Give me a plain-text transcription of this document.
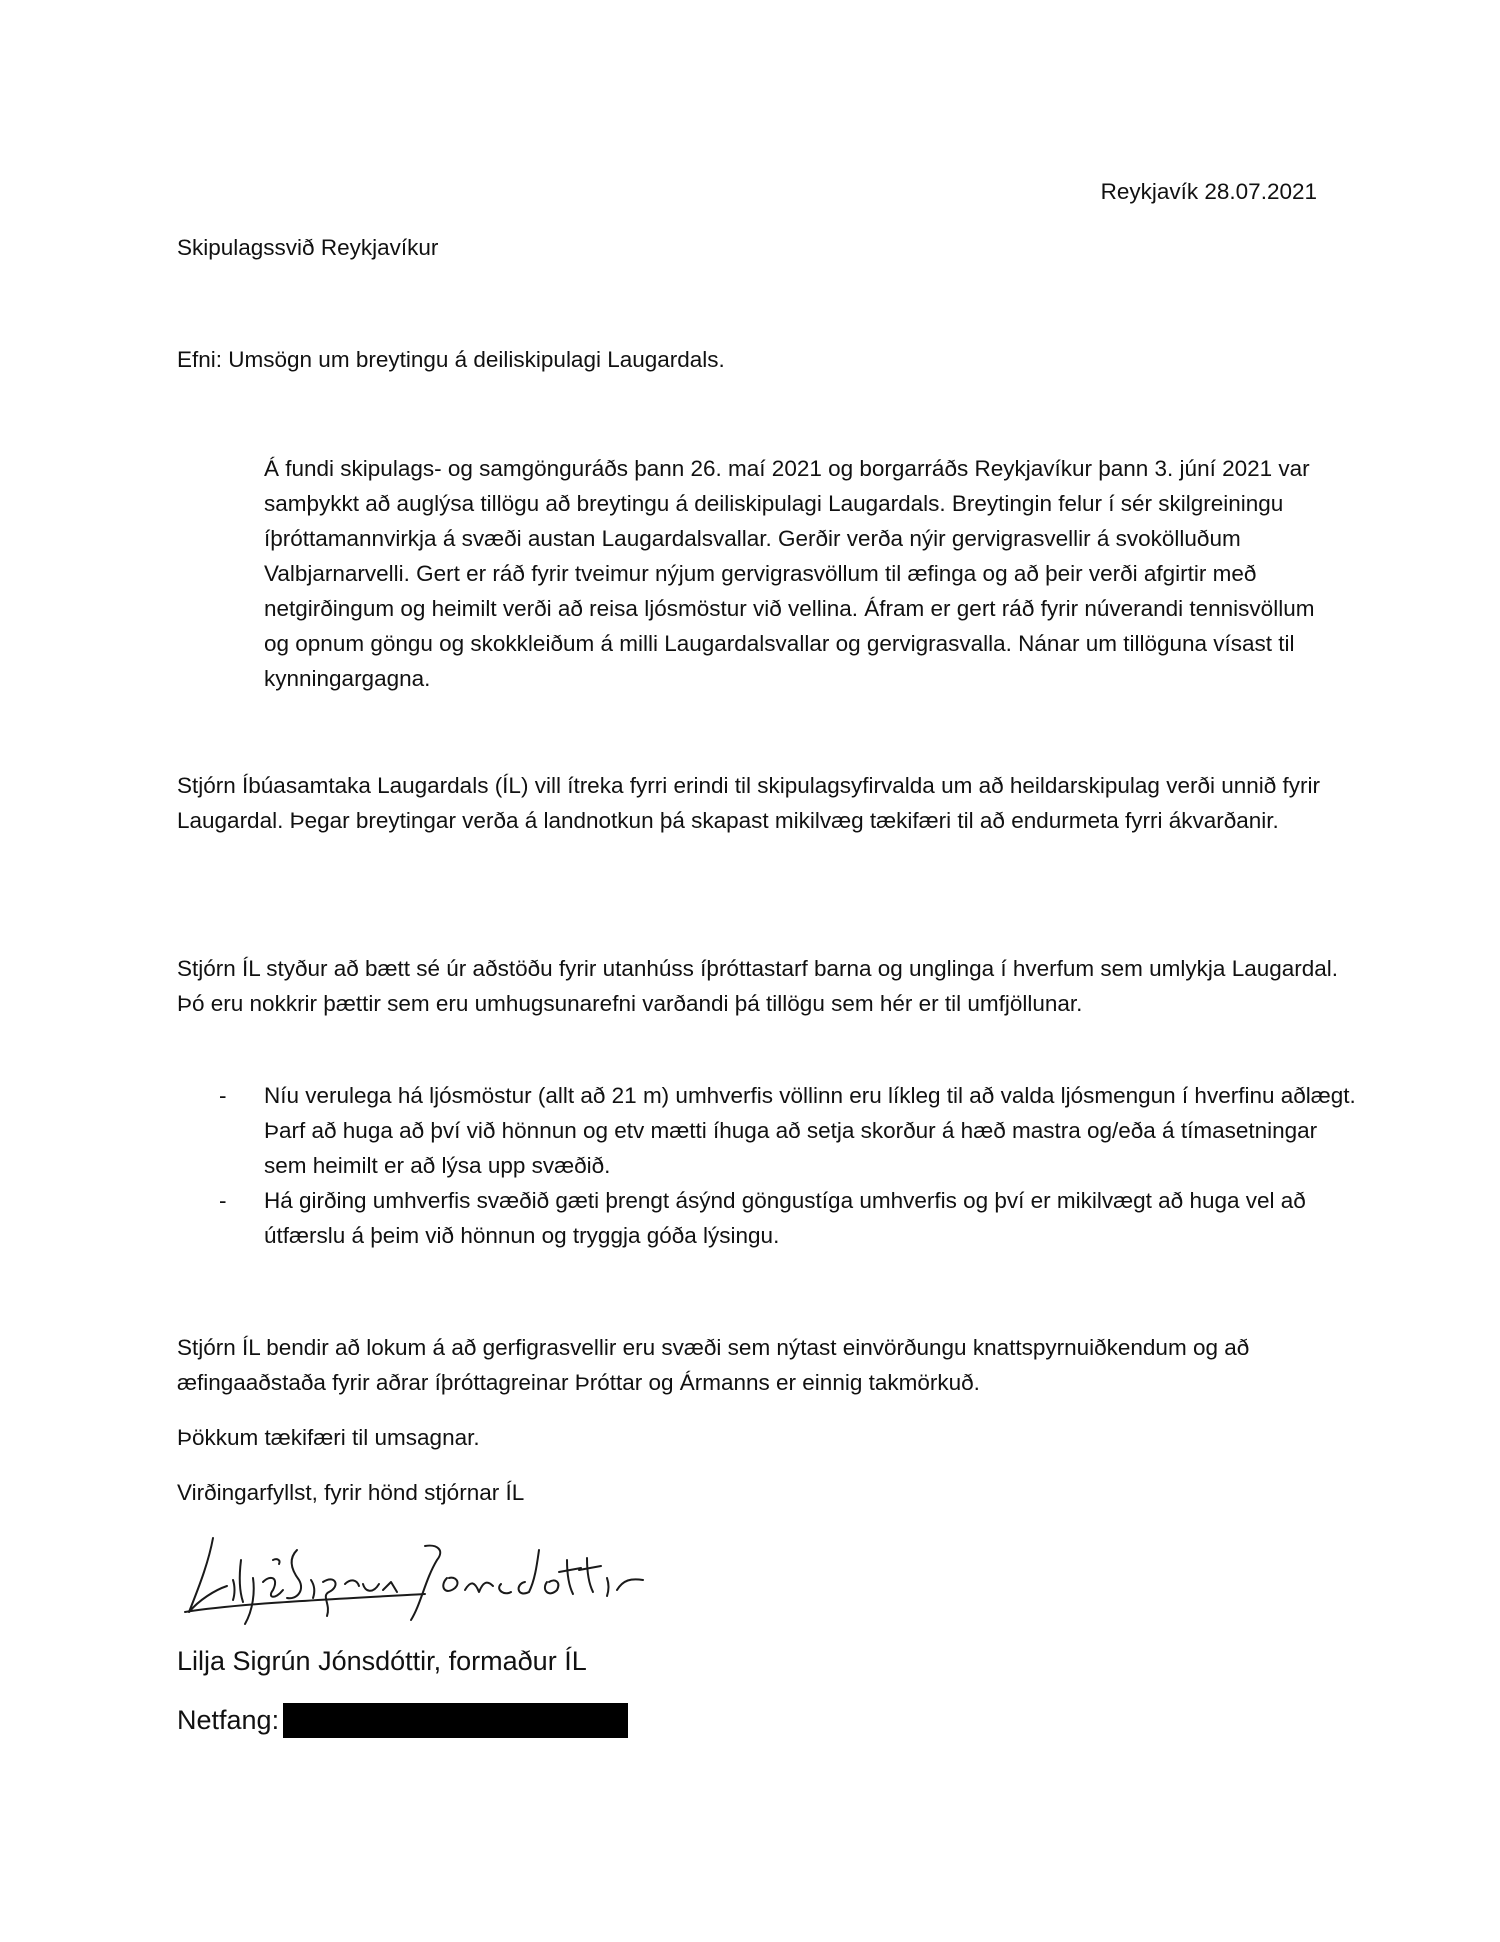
Reykjavík 28.07.2021

Skipulagssvið Reykjavíkur

Efni: Umsögn um breytingu á deiliskipulagi Laugardals.

Á fundi skipulags- og samgönguráðs þann 26. maí 2021 og borgarráðs Reykjavíkur þann 3. júní 2021 var samþykkt að auglýsa tillögu að breytingu á deiliskipulagi Laugardals. Breytingin felur í sér skilgreiningu íþróttamannvirkja á svæði austan Laugardalsvallar. Gerðir verða nýir gervigrasvellir á svokölluðum Valbjarnarvelli. Gert er ráð fyrir tveimur nýjum gervigrasvöllum til æfinga og að þeir verði afgirtir með netgirðingum og heimilt verði að reisa ljósmöstur við vellina. Áfram er gert ráð fyrir núverandi tennisvöllum og opnum göngu og skokkleiðum á milli Laugardalsvallar og gervigrasvalla. Nánar um tillöguna vísast til kynningargagna.

Stjórn Íbúasamtaka Laugardals (ÍL) vill ítreka fyrri erindi til skipulagsyfirvalda um að heildarskipulag verði unnið fyrir Laugardal. Þegar breytingar verða á landnotkun þá skapast mikilvæg tækifæri til að endurmeta fyrri ákvarðanir.

Stjórn ÍL styður að bætt sé úr aðstöðu fyrir utanhúss íþróttastarf barna og unglinga í hverfum sem umlykja Laugardal. Þó eru nokkrir þættir sem eru umhugsunarefni varðandi þá tillögu sem hér er til umfjöllunar.

- Níu verulega há ljósmöstur (allt að 21 m) umhverfis völlinn eru líkleg til að valda ljósmengun í hverfinu aðlægt. Þarf að huga að því við hönnun og etv mætti íhuga að setja skorður á hæð mastra og/eða á tímasetningar sem heimilt er að lýsa upp svæðið.
- Há girðing umhverfis svæðið gæti þrengt ásýnd göngustíga umhverfis og því er mikilvægt að huga vel að útfærslu á þeim við hönnun og tryggja góða lýsingu.

Stjórn ÍL bendir að lokum á að gerfigrasvellir eru svæði sem nýtast einvörðungu knattspyrnuiðkendum og að æfingaaðstaða fyrir aðrar íþróttagreinar Þróttar og Ármanns er einnig takmörkuð.

Þökkum tækifæri til umsagnar.

Virðingarfyllst, fyrir hönd stjórnar ÍL

Lilja Sigrún Jónsdóttir, formaður ÍL

Netfang:
